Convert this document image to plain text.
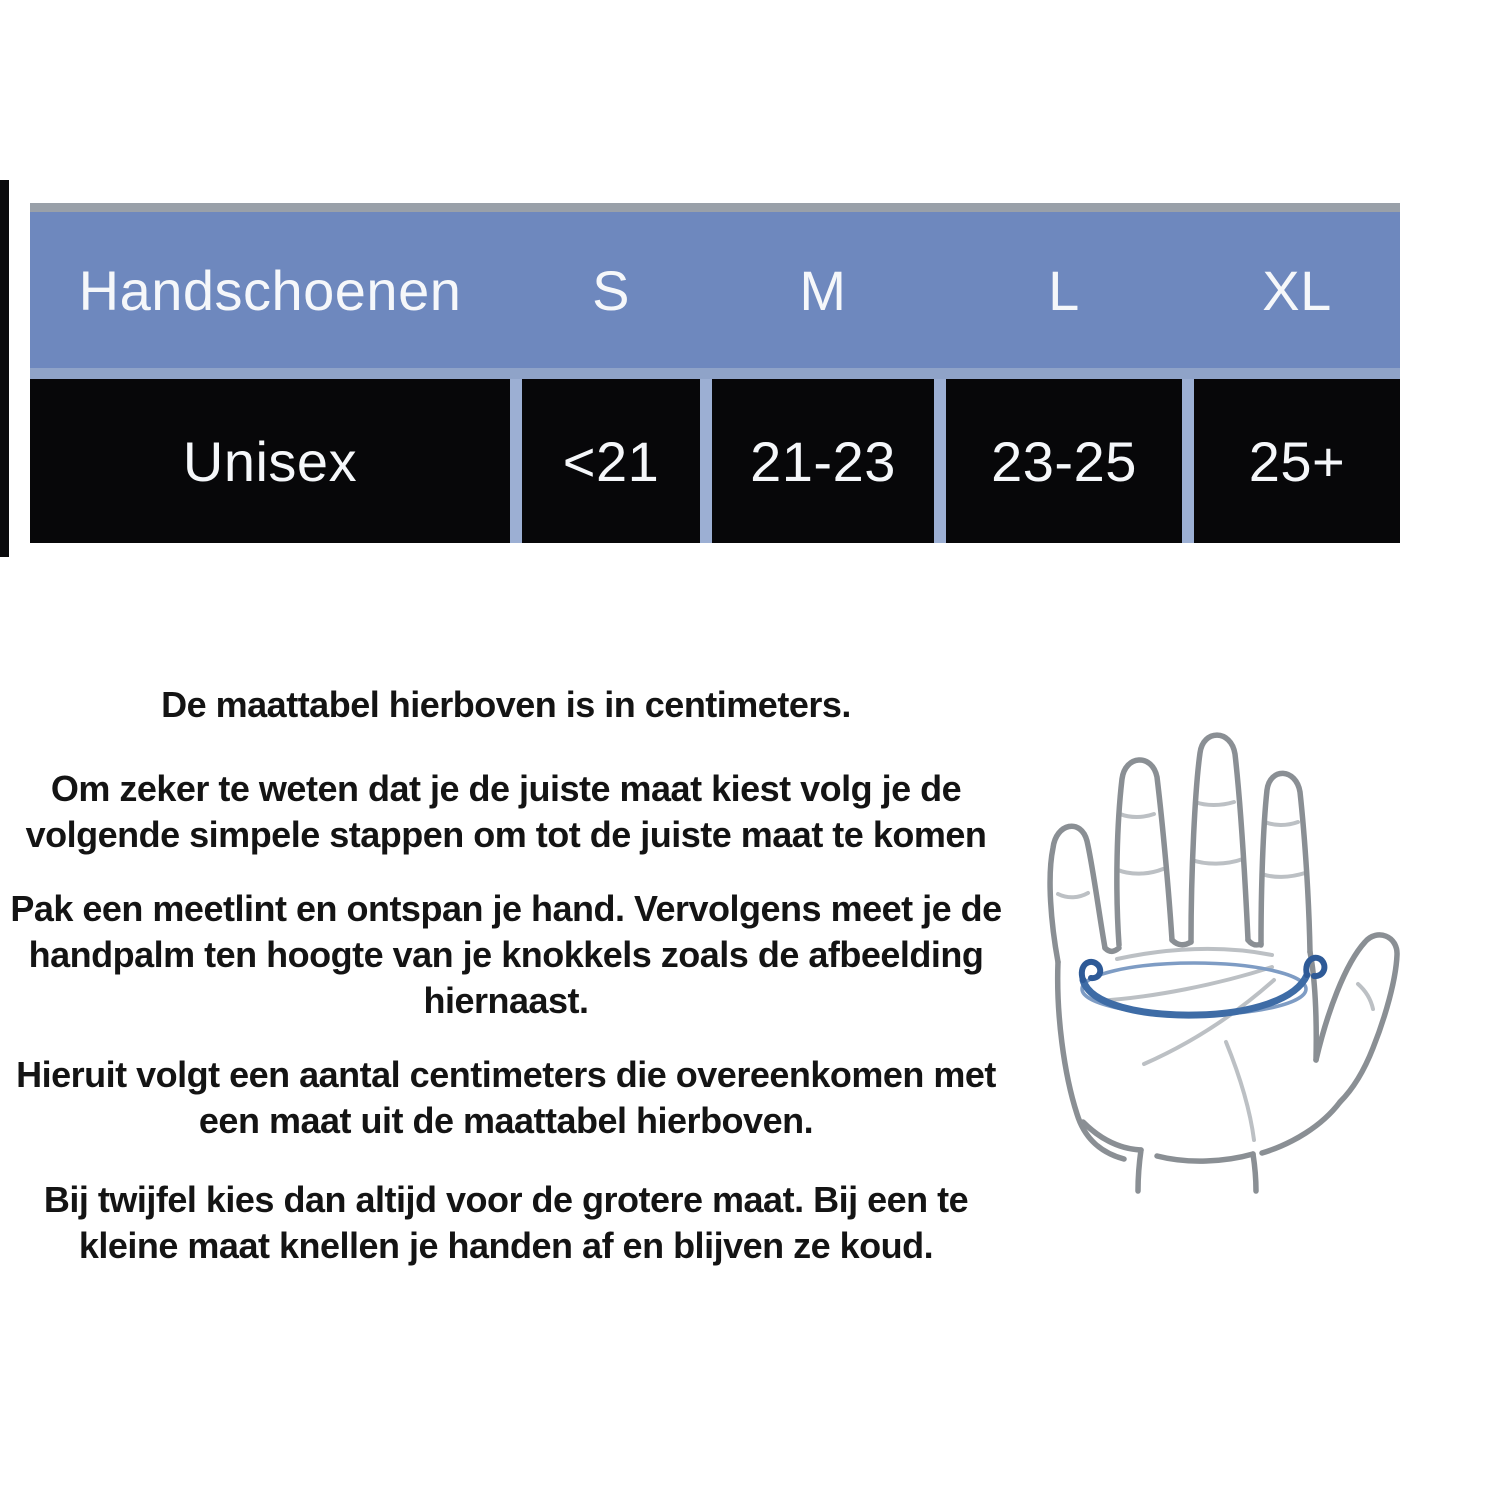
Handschoenen	S	M	L	XL
Unisex	<21	21-23	23-25	25+

De maattabel hierboven is in centimeters.

Om zeker te weten dat je de juiste maat kiest volg je de
volgende simpele stappen om tot de juiste maat te komen

Pak een meetlint en ontspan je hand. Vervolgens meet je de
handpalm ten hoogte van je knokkels zoals de afbeelding
hiernaast.

Hieruit volgt een aantal centimeters die overeenkomen met
een maat uit de maattabel hierboven.

Bij twijfel kies dan altijd voor de grotere maat. Bij een te
kleine maat knellen je handen af en blijven ze koud.
